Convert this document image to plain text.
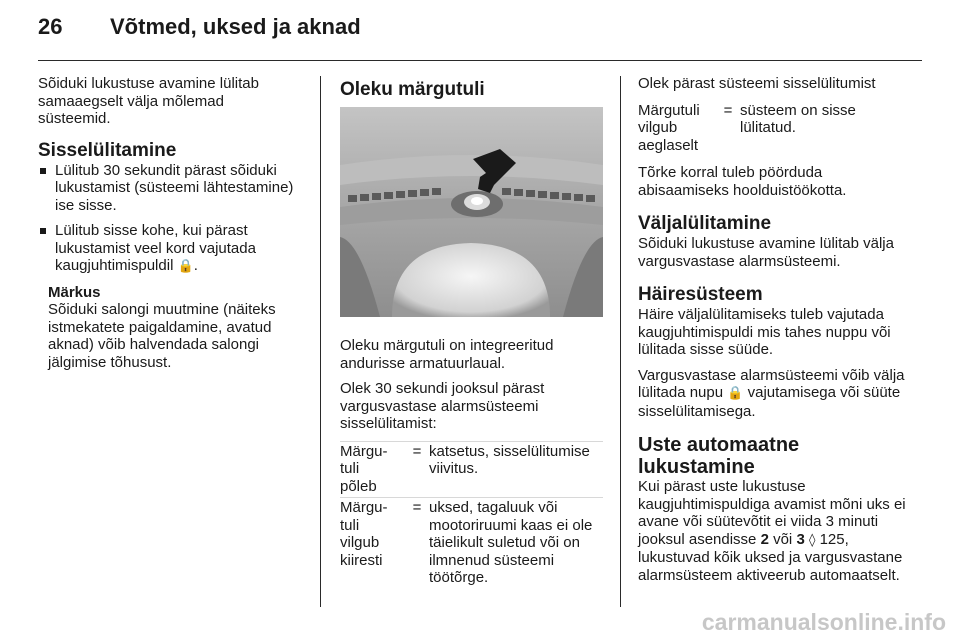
26 Võtmed, uksed ja aknad

Sõiduki lukustuse avamine lülitab samaaegselt välja mõlemad süsteemid.

Sisselülitamine
Lülitub 30 sekundit pärast sõiduki lukustamist (süsteemi lähtestamine) ise sisse.
Lülitub sisse kohe, kui pärast lukustamist veel kord vajutada kaugjuhtimispuldil 🔒.
Märkus
Sõiduki salongi muutmine (näiteks istmekatete paigaldamine, avatud aknad) võib halvendada salongi jälgimise tõhusust.
Oleku märgutuli

Oleku märgutuli on integreeritud andurisse armatuurlaual.

Olek 30 sekundi jooksul pärast vargusvastase alarmsüsteemi sisselülitamist:

Märgu-
tuli
põleb
= katsetus, sisselülitumise viivitus.
Märgu-
tuli
vilgub
kiiresti
= uksed, tagaluuk või mootoriruumi kaas ei ole täielikult suletud või on ilmnenud süsteemi töötõrge.

Olek pärast süsteemi sisselülitumist

Märgutuli
vilgub
aeglaselt
= süsteem on sisse lülitatud.

Tõrke korral tuleb pöörduda abisaamiseks hoolduistöökotta.

Väljalülitamine

Sõiduki lukustuse avamine lülitab välja vargusvastase alarmsüsteemi.

Häiresüsteem

Häire väljalülitamiseks tuleb vajutada kaugjuhtimispuldi mis tahes nuppu või lülitada sisse süüde.

Vargusvastase alarmsüsteemi võib välja lülitada nupu 🔒 vajutamisega või süüte sisselülitamisega.

Uste automaatne lukustamine

Kui pärast uste lukustuse kaugjuhtimispuldiga avamist mõni uks ei avane või süütevõtit ei viida 3 minuti jooksul asendisse 2 või 3 ◊ 125, lukustuvad kõik uksed ja vargusvastane alarmsüsteem aktiveerub automaatselt.

carmanualsonline.info
